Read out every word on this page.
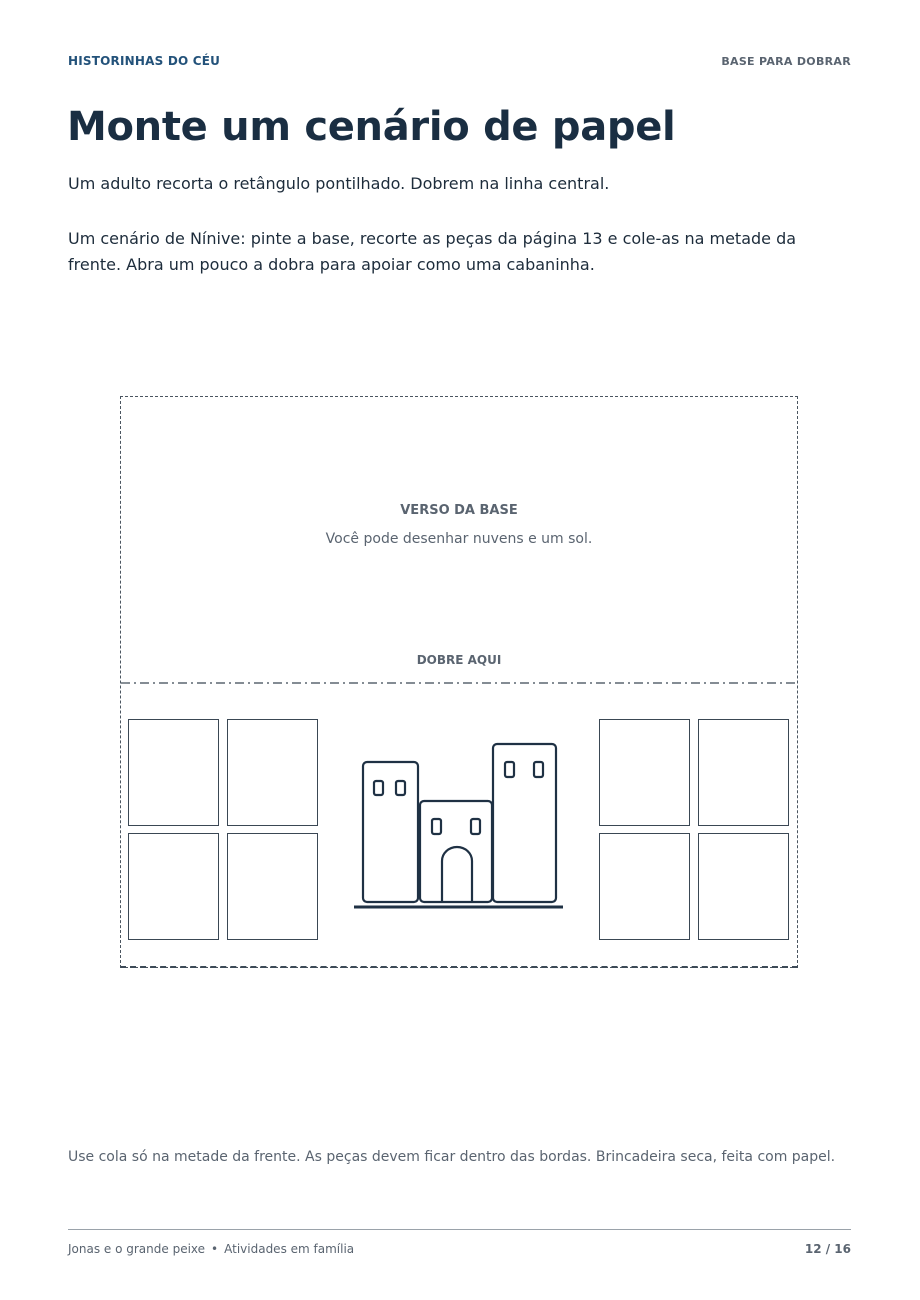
HISTORINHAS DO CÉU	BASE PARA DOBRAR
Monte um cenário de papel

Um adulto recorta o retângulo pontilhado. Dobrem na linha central.

Um cenário de Nínive: pinte a base, recorte as peças da página 13 e cole-as na metade da frente. Abra um pouco a dobra para apoiar como uma cabaninha.

VERSO DA BASE
Você pode desenhar nuvens e um sol.
DOBRE AQUI

Use cola só na metade da frente. As peças devem ficar dentro das bordas. Brincadeira seca, feita com papel.

Jonas e o grande peixe • Atividades em família	12 / 16
